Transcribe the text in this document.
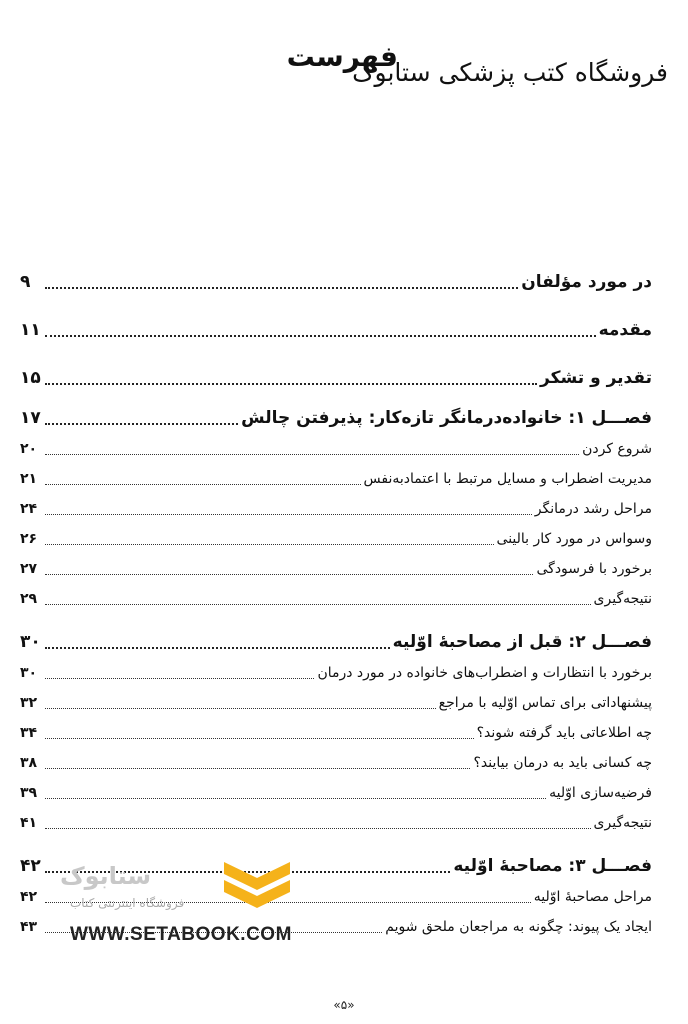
فروشگاه کتب پزشکی ستابوک
فهرست
در مورد مؤلفان
۹
مقدمه
۱۱
تقدیر و تشکر
۱۵
فصـــل ۱: خانواده‌درمانگر تازه‌کار: پذیرفتن چالش
۱۷
شروع کردن
۲۰
مدیریت اضطراب و مسایل مرتبط با اعتمادبه‌نفس
۲۱
مراحل رشد درمانگر
۲۴
وسواس در مورد کار بالینی
۲۶
برخورد با فرسودگی
۲۷
نتیجه‌گیری
۲۹
فصـــل ۲: قبل از مصاحبهٔ اوّلیه
۳۰
برخورد با انتظارات و اضطراب‌های خانواده در مورد درمان
۳۰
پیشنهاداتی برای تماس اوّلیه با مراجع
۳۲
چه اطلاعاتی باید گرفته شوند؟
۳۴
چه کسانی باید به درمان بیایند؟
۳۸
فرضیه‌سازی اوّلیه
۳۹
نتیجه‌گیری
۴۱
فصـــل ۳: مصاحبهٔ اوّلیه
۴۲
مراحل مصاحبهٔ اوّلیه
۴۲
ایجاد یک پیوند: چگونه به مراجعان ملحق شویم
۴۳
ستابوک
فروشگاه اینترنتی کتاب
WWW.SETABOOK.COM
«۵»
